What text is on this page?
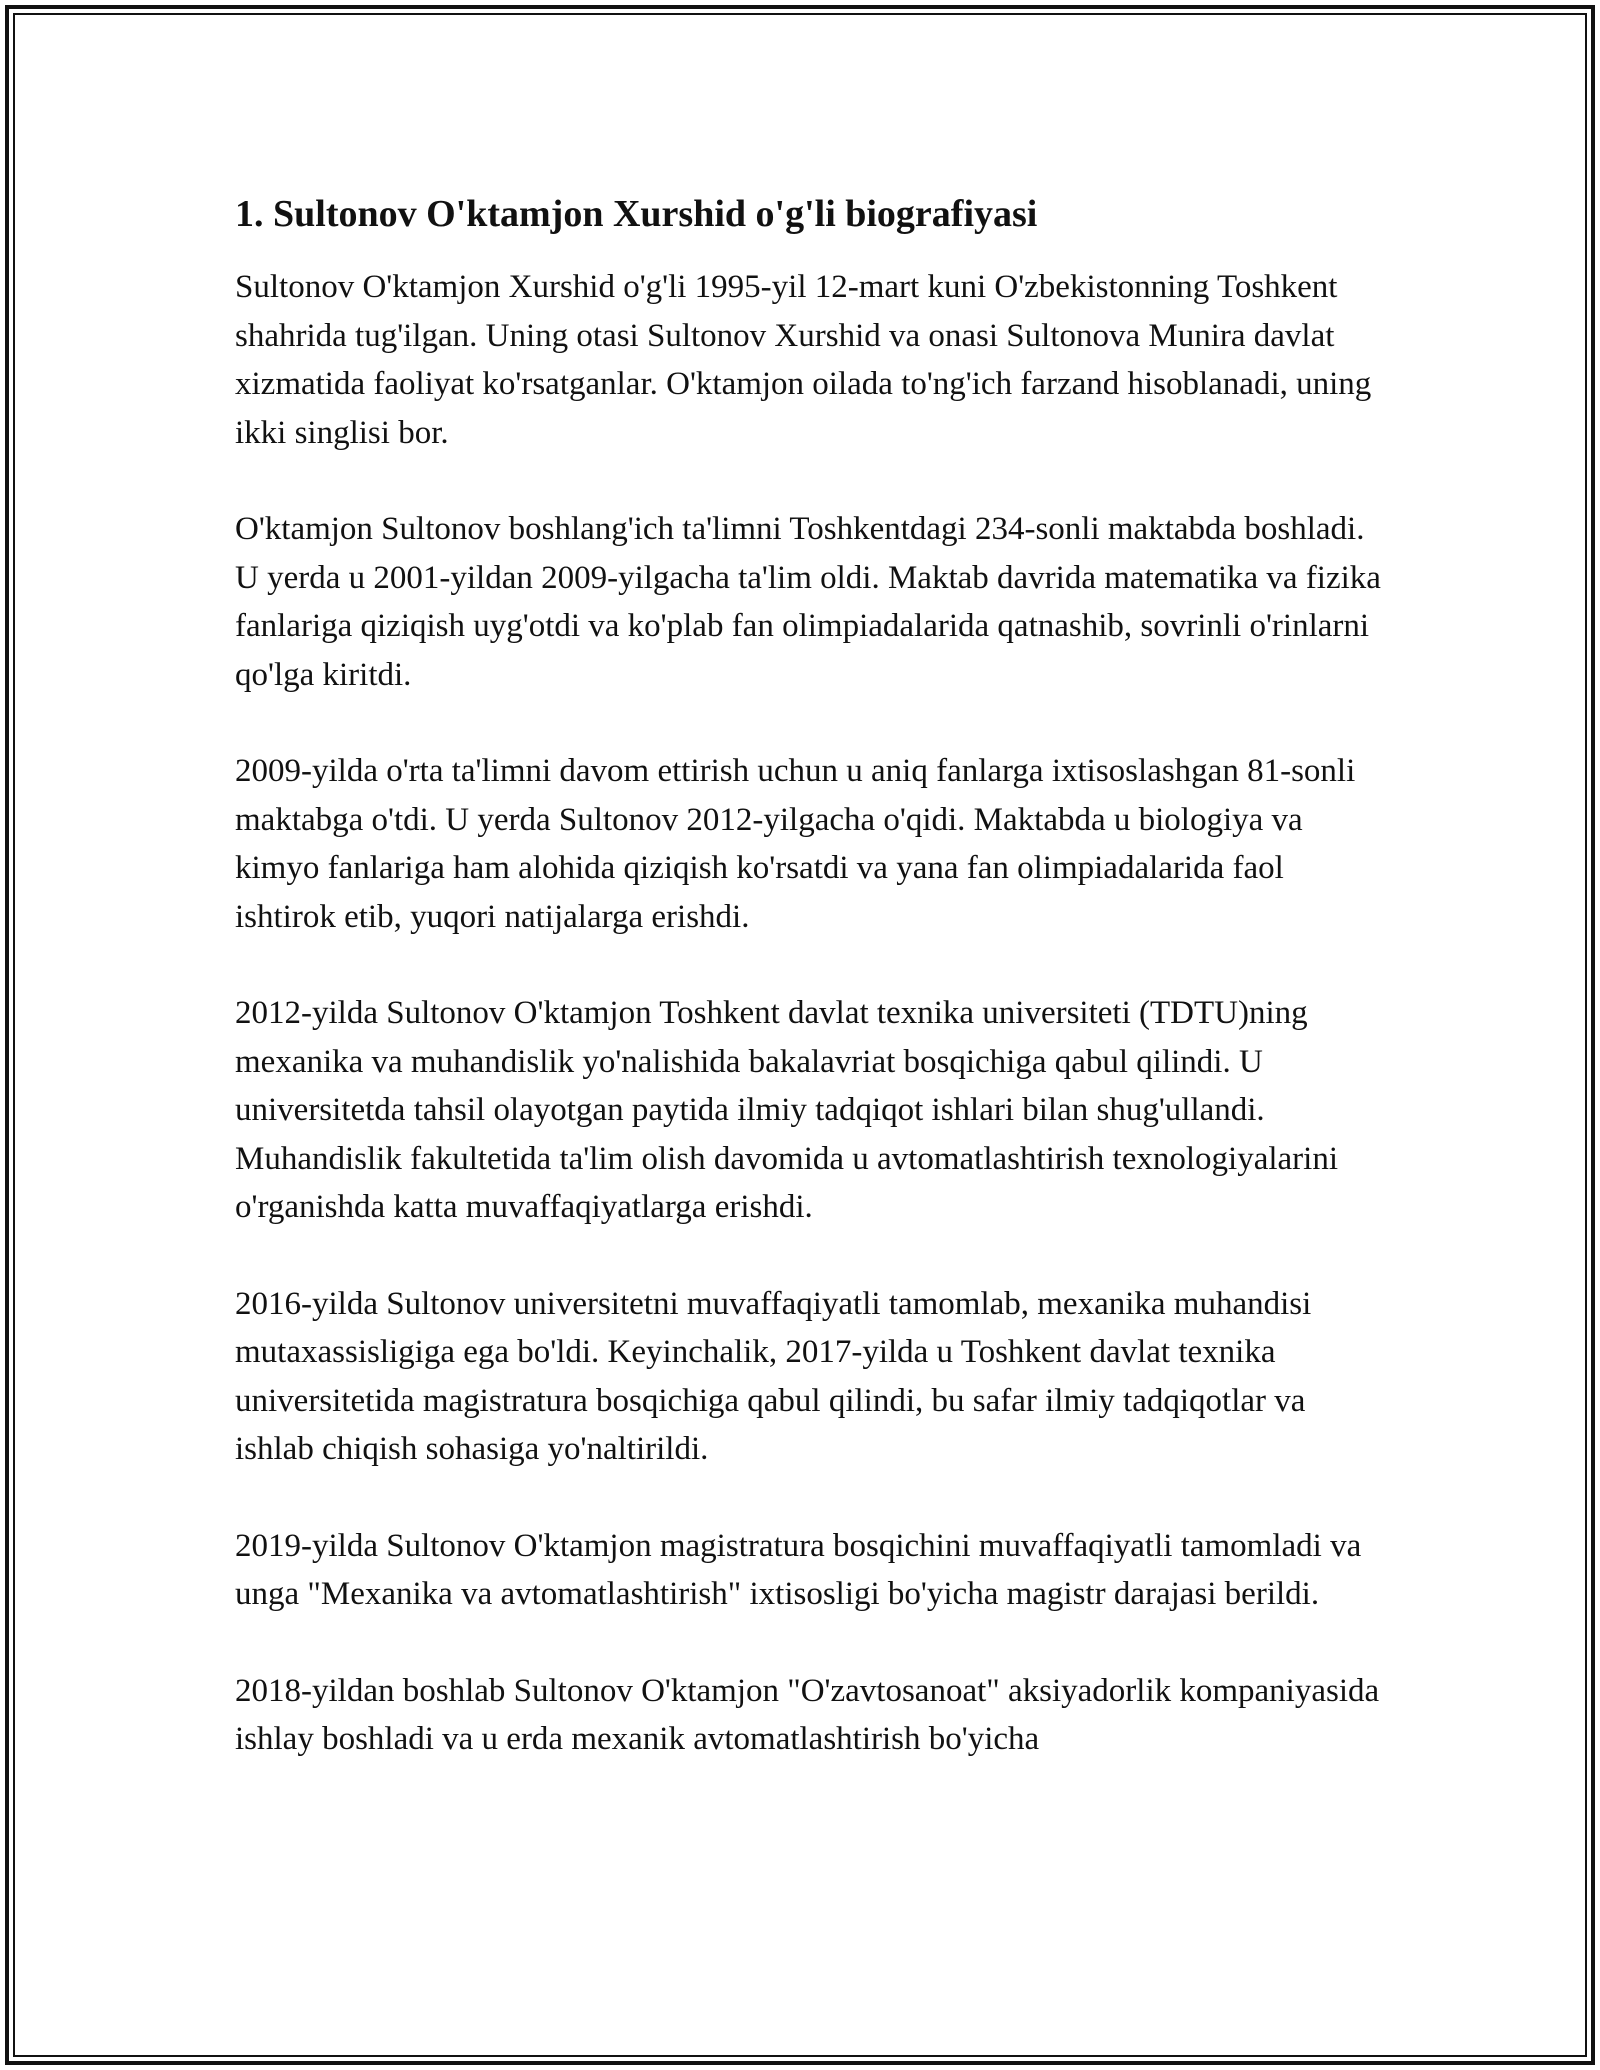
1. Sultonov O'ktamjon Xurshid o'g'li biografiyasi

Sultonov O'ktamjon Xurshid o'g'li 1995-yil 12-mart kuni O'zbekistonning Toshkent shahrida tug'ilgan. Uning otasi Sultonov Xurshid va onasi Sultonova Munira davlat xizmatida faoliyat ko'rsatganlar. O'ktamjon oilada to'ng'ich farzand hisoblanadi, uning ikki singlisi bor.

O'ktamjon Sultonov boshlang'ich ta'limni Toshkentdagi 234-sonli maktabda boshladi. U yerda u 2001-yildan 2009-yilgacha ta'lim oldi. Maktab davrida matematika va fizika fanlariga qiziqish uyg'otdi va ko'plab fan olimpiadalarida qatnashib, sovrinli o'rinlarni qo'lga kiritdi.

2009-yilda o'rta ta'limni davom ettirish uchun u aniq fanlarga ixtisoslashgan 81-sonli maktabga o'tdi. U yerda Sultonov 2012-yilgacha o'qidi. Maktabda u biologiya va kimyo fanlariga ham alohida qiziqish ko'rsatdi va yana fan olimpiadalarida faol ishtirok etib, yuqori natijalarga erishdi.

2012-yilda Sultonov O'ktamjon Toshkent davlat texnika universiteti (TDTU)ning mexanika va muhandislik yo'nalishida bakalavriat bosqichiga qabul qilindi. U universitetda tahsil olayotgan paytida ilmiy tadqiqot ishlari bilan shug'ullandi. Muhandislik fakultetida ta'lim olish davomida u avtomatlashtirish texnologiyalarini o'rganishda katta muvaffaqiyatlarga erishdi.

2016-yilda Sultonov universitetni muvaffaqiyatli tamomlab, mexanika muhandisi mutaxassisligiga ega bo'ldi. Keyinchalik, 2017-yilda u Toshkent davlat texnika universitetida magistratura bosqichiga qabul qilindi, bu safar ilmiy tadqiqotlar va ishlab chiqish sohasiga yo'naltirildi.

2019-yilda Sultonov O'ktamjon magistratura bosqichini muvaffaqiyatli tamomladi va unga "Mexanika va avtomatlashtirish" ixtisosligi bo'yicha magistr darajasi berildi.

2018-yildan boshlab Sultonov O'ktamjon "O'zavtosanoat" aksiyadorlik kompaniyasida ishlay boshladi va u erda mexanik avtomatlashtirish bo'yicha
